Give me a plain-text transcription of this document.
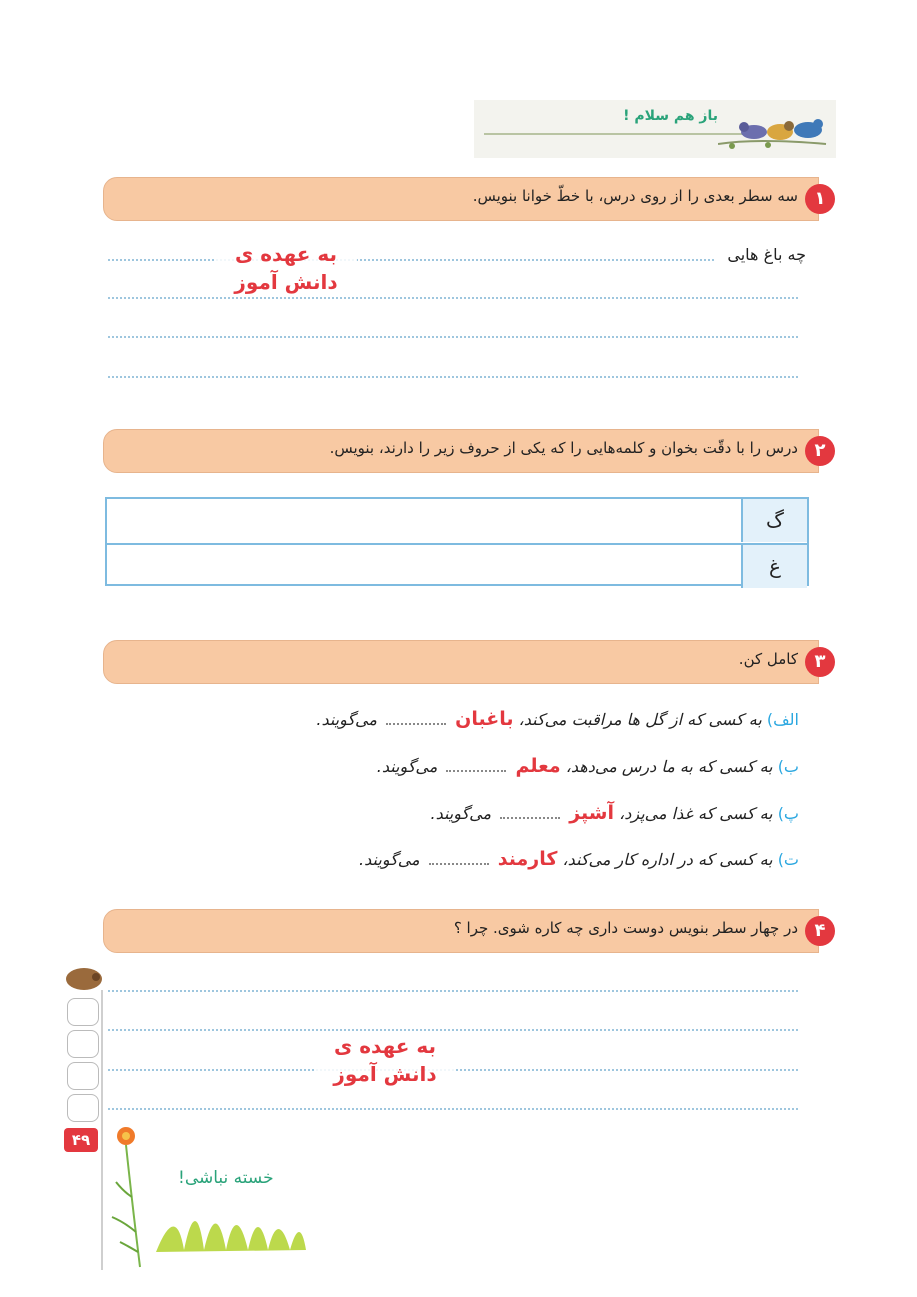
باز هم سلام !
سه سطر بعدی را از روی درس، با خطّ خوانا بنویس. ۱
چه باغ هایی
به عهده ی
دانش آموز
درس را با دقّت بخوان و کلمه‌هایی را که یکی از حروف زیر را دارند، بنویس. ۲
گ
غ
کامل کن. ۳
الف) به کسی که از گل ها مراقبت می‌کند، باغبان  می‌گویند.
ب) به کسی که به ما درس می‌دهد، معلم  می‌گویند.
پ) به کسی که غذا می‌پزد، آشپز  می‌گویند.
ت) به کسی که در اداره کار می‌کند، کارمند  می‌گویند.
در چهار سطر بنویس دوست داری چه کاره شوی. چرا ؟ ۴
به عهده ی
دانش آموز
۴۹
خسته نباشی!
